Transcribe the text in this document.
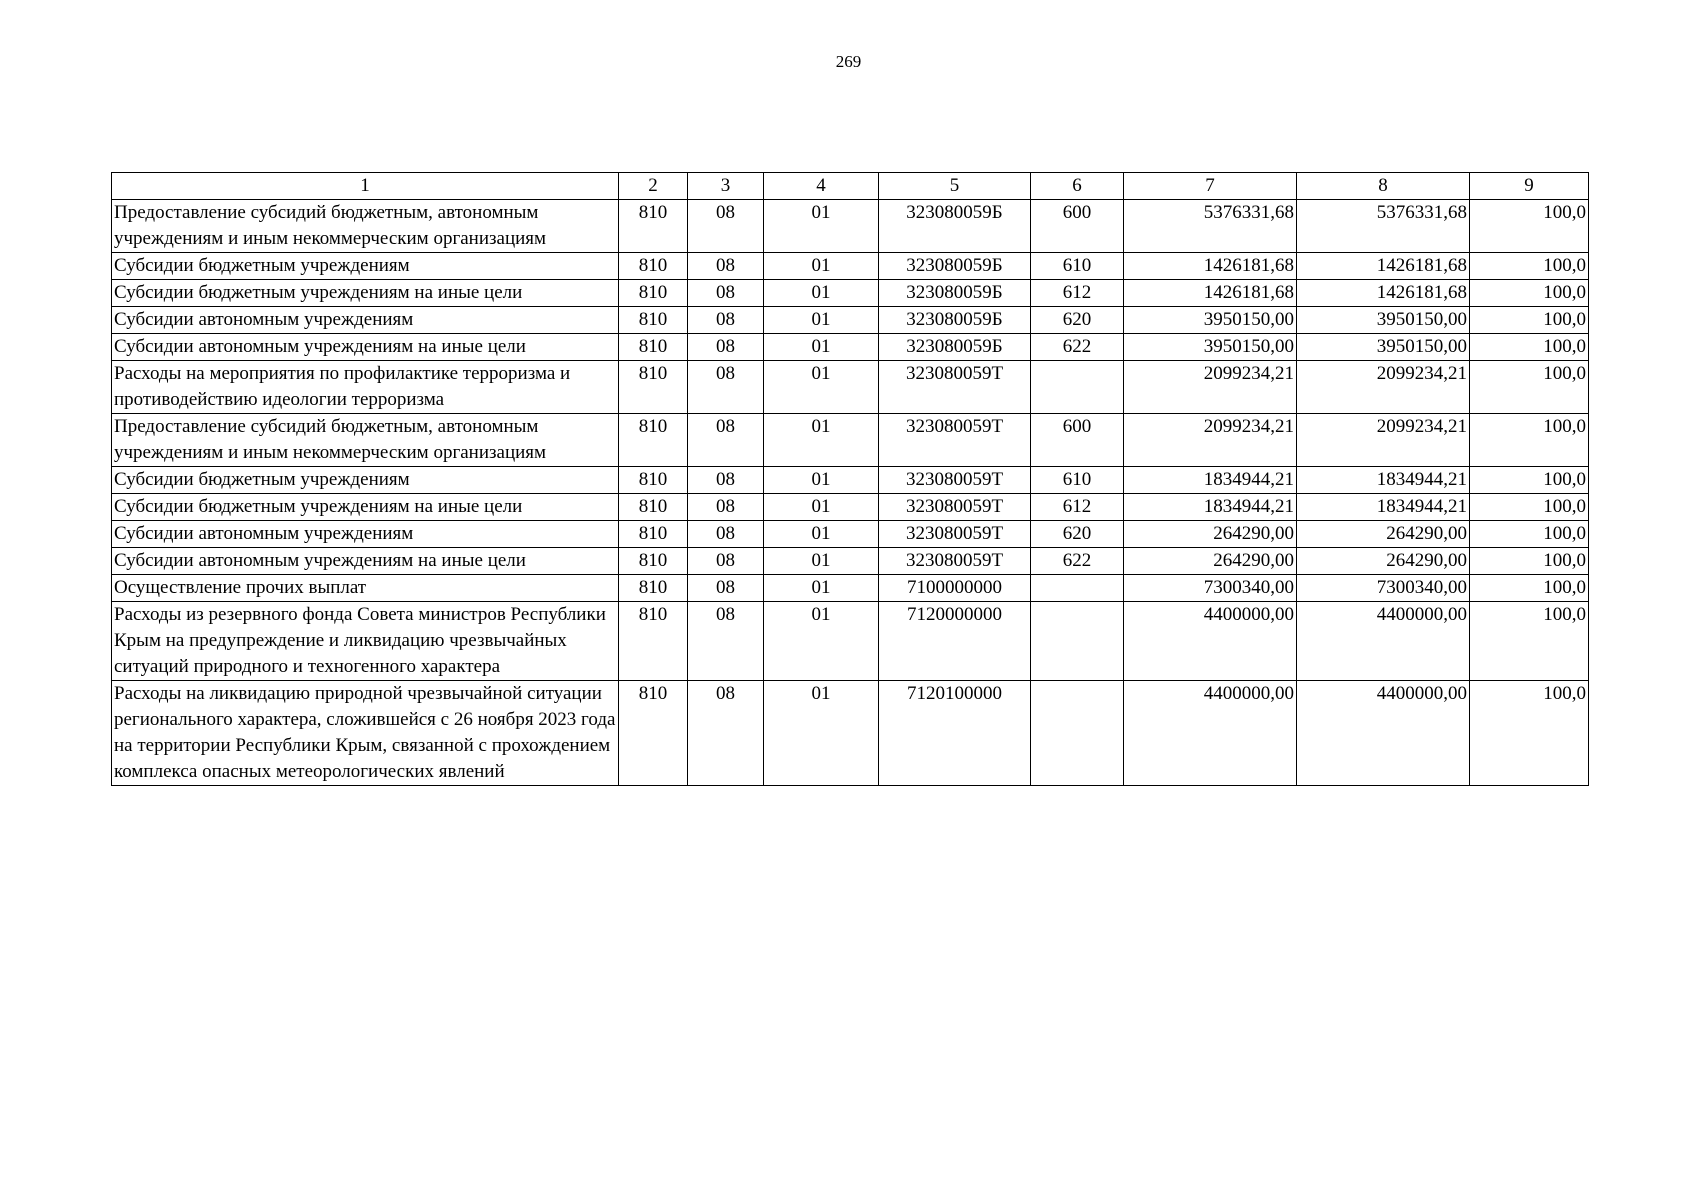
269
1	2	3	4	5	6	7	8	9
Предоставление субсидий бюджетным, автономным учреждениям и иным некоммерческим организациям	810	08	01	323080059Б	600	5376331,68	5376331,68	100,0
Субсидии бюджетным учреждениям	810	08	01	323080059Б	610	1426181,68	1426181,68	100,0
Субсидии бюджетным учреждениям на иные цели	810	08	01	323080059Б	612	1426181,68	1426181,68	100,0
Субсидии автономным учреждениям	810	08	01	323080059Б	620	3950150,00	3950150,00	100,0
Субсидии автономным учреждениям на иные цели	810	08	01	323080059Б	622	3950150,00	3950150,00	100,0
Расходы на мероприятия по профилактике терроризма и противодействию идеологии терроризма	810	08	01	323080059Т		2099234,21	2099234,21	100,0
Предоставление субсидий бюджетным, автономным учреждениям и иным некоммерческим организациям	810	08	01	323080059Т	600	2099234,21	2099234,21	100,0
Субсидии бюджетным учреждениям	810	08	01	323080059Т	610	1834944,21	1834944,21	100,0
Субсидии бюджетным учреждениям на иные цели	810	08	01	323080059Т	612	1834944,21	1834944,21	100,0
Субсидии автономным учреждениям	810	08	01	323080059Т	620	264290,00	264290,00	100,0
Субсидии автономным учреждениям на иные цели	810	08	01	323080059Т	622	264290,00	264290,00	100,0
Осуществление прочих выплат	810	08	01	7100000000		7300340,00	7300340,00	100,0
Расходы из резервного фонда Совета министров Республики Крым на предупреждение и ликвидацию чрезвычайных ситуаций природного и техногенного характера	810	08	01	7120000000		4400000,00	4400000,00	100,0
Расходы на ликвидацию природной чрезвычайной ситуации регионального характера, сложившейся с 26 ноября 2023 года на территории Республики Крым, связанной с прохождением комплекса опасных метеорологических явлений	810	08	01	7120100000		4400000,00	4400000,00	100,0
